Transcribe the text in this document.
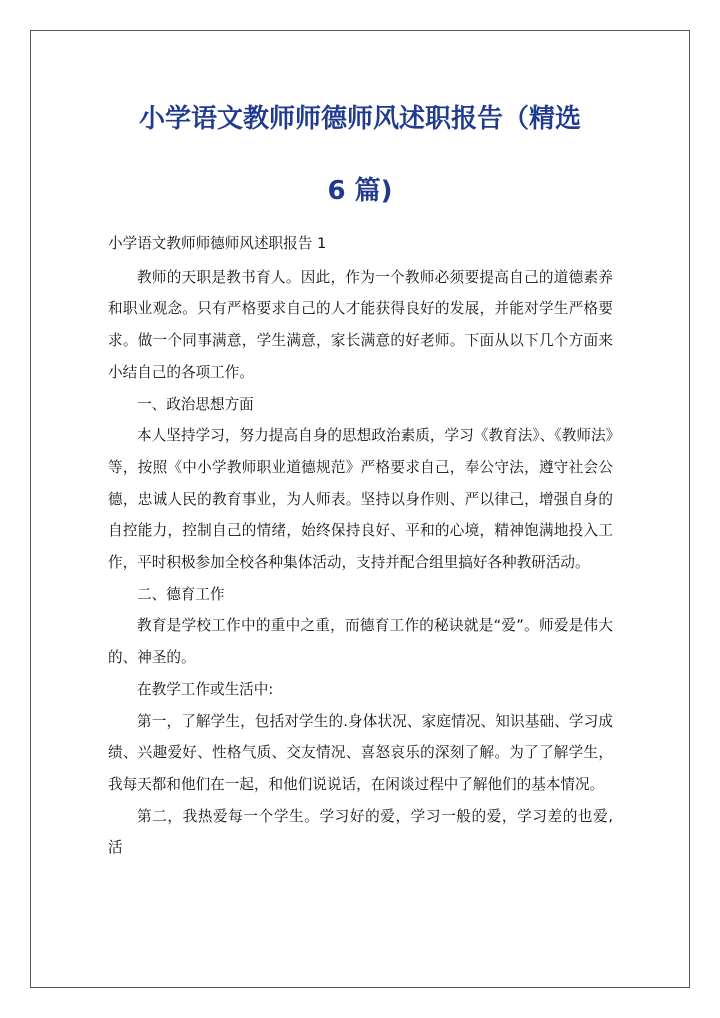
小学语文教师师德师风述职报告（精选
6 篇)

小学语文教师师德师风述职报告 1

教师的天职是教书育人。因此，作为一个教师必须要提高自己的道德素养和职业观念。只有严格要求自己的人才能获得良好的发展，并能对学生严格要求。做一个同事满意，学生满意，家长满意的好老师。下面从以下几个方面来小结自己的各项工作。

一、政治思想方面

本人坚持学习，努力提高自身的思想政治素质，学习《教育法》、《教师法》等，按照《中小学教师职业道德规范》严格要求自己，奉公守法，遵守社会公德，忠诚人民的教育事业，为人师表。坚持以身作则、严以律己，增强自身的自控能力，控制自己的情绪，始终保持良好、平和的心境，精神饱满地投入工作，平时积极参加全校各种集体活动，支持并配合组里搞好各种教研活动。

二、德育工作

教育是学校工作中的重中之重，而德育工作的秘诀就是“爱”。师爱是伟大的、神圣的。

在教学工作或生活中:

第一，了解学生，包括对学生的.身体状况、家庭情况、知识基础、学习成绩、兴趣爱好、性格气质、交友情况、喜怒哀乐的深刻了解。为了了解学生，我每天都和他们在一起，和他们说说话，在闲谈过程中了解他们的基本情况。

第二，我热爱每一个学生。学习好的爱，学习一般的爱，学习差的也爱, 活
